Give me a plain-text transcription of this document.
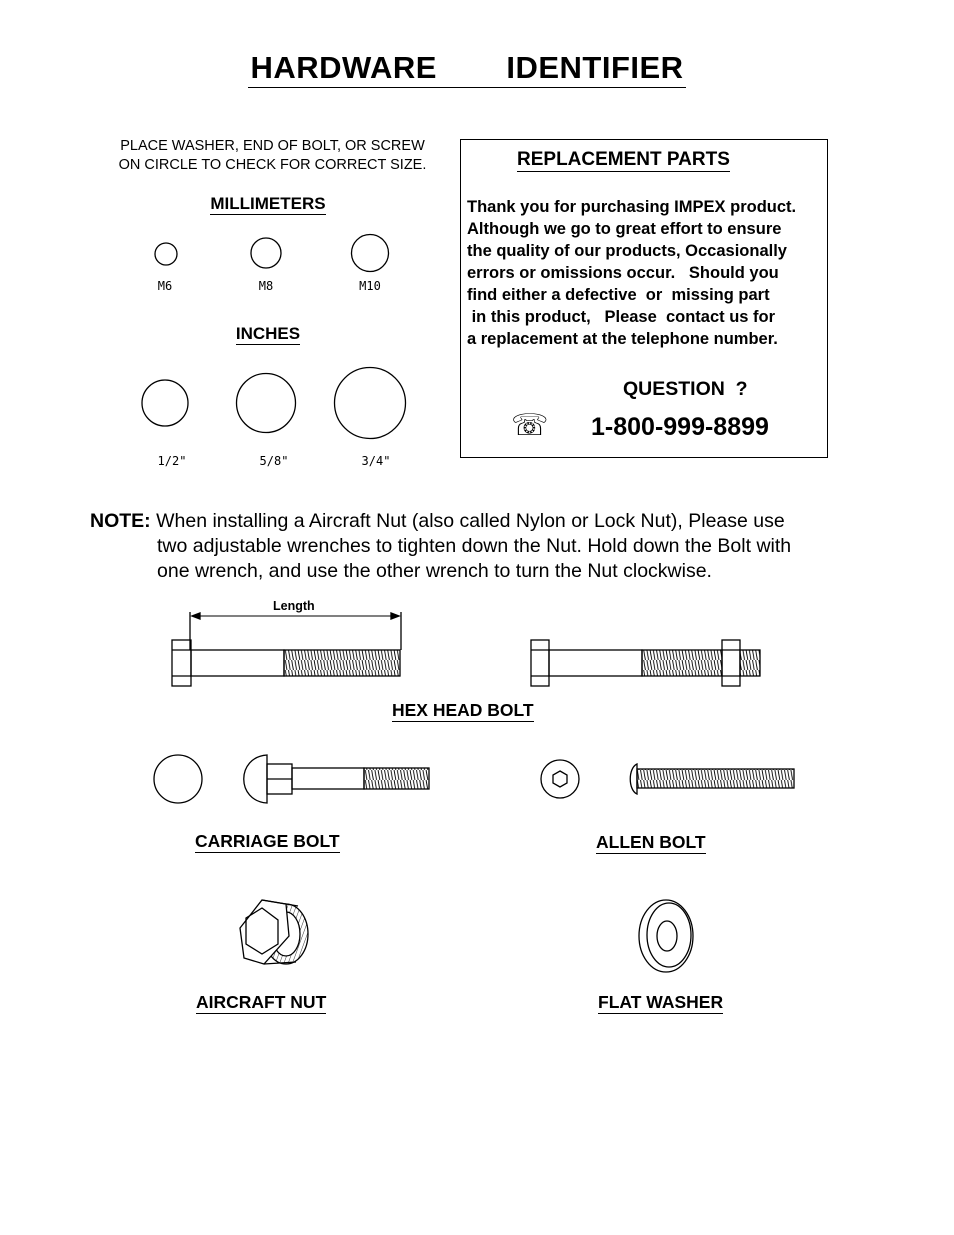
HARDWARE   IDENTIFIER
PLACE WASHER, END OF BOLT, OR SCREW
ON CIRCLE TO CHECK FOR CORRECT SIZE.
MILLIMETERS
M6	M8	M10
INCHES
1/2"	5/8"	3/4"
REPLACEMENT PARTS
Thank you for purchasing IMPEX product.
Although we go to great effort to ensure
the quality of our products, Occasionally
errors or omissions occur.   Should you
find either a defective  or  missing part
in this product,   Please  contact us for
a replacement at the telephone number.
QUESTION  ?
☏ 1-800-999-8899
NOTE: When installing a Aircraft Nut (also called Nylon or Lock Nut), Please use
two adjustable wrenches to tighten down the Nut. Hold down the Bolt with
one wrench, and use the other wrench to turn the Nut clockwise.
Length
HEX HEAD BOLT
CARRIAGE BOLT	ALLEN BOLT
AIRCRAFT NUT	FLAT WASHER
